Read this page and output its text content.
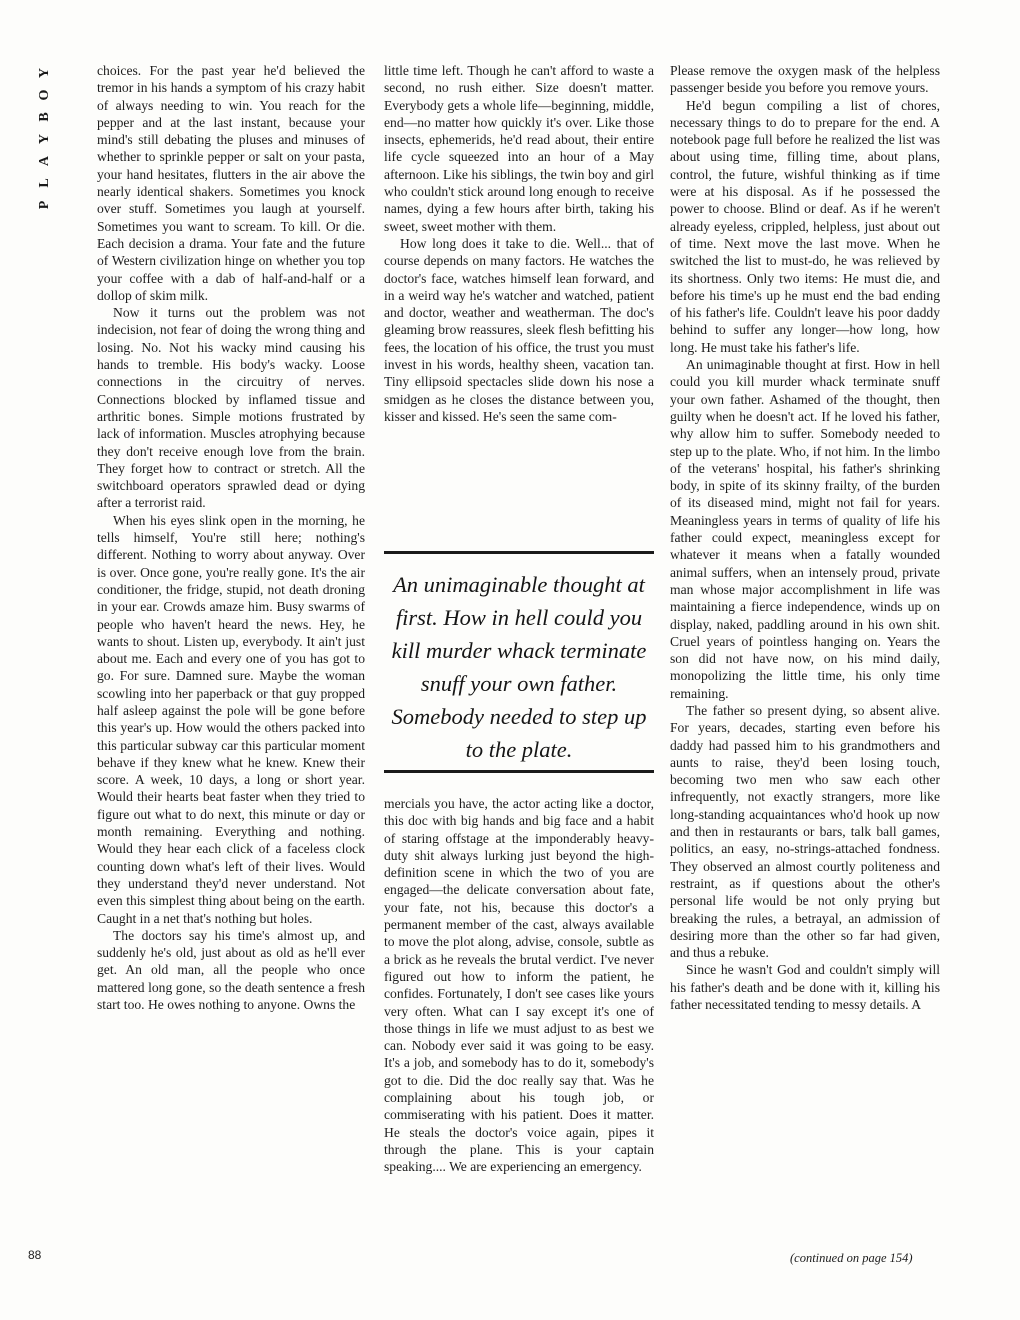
Y
O
B
Y
A
L
P

choices. For the past year he'd believed the tremor in his hands a symptom of his crazy habit of always needing to win. You reach for the pepper and at the last instant, because your mind's still debating the pluses and minuses of whether to sprinkle pepper or salt on your pasta, your hand hesitates, flutters in the air above the nearly identical shakers. Sometimes you knock over stuff. Sometimes you laugh at yourself. Sometimes you want to scream. To kill. Or die. Each decision a drama. Your fate and the future of Western civilization hinge on whether you top your coffee with a dab of half-and-half or a dollop of skim milk.

Now it turns out the problem was not indecision, not fear of doing the wrong thing and losing. No. Not his wacky mind causing his hands to tremble. His body's wacky. Loose connections in the circuitry of nerves. Connections blocked by inflamed tissue and arthritic bones. Simple motions frustrated by lack of information. Muscles atrophying because they don't receive enough love from the brain. They forget how to contract or stretch. All the switchboard operators sprawled dead or dying after a terrorist raid.

When his eyes slink open in the morning, he tells himself, You're still here; nothing's different. Nothing to worry about anyway. Over is over. Once gone, you're really gone. It's the air conditioner, the fridge, stupid, not death droning in your ear. Crowds amaze him. Busy swarms of people who haven't heard the news. Hey, he wants to shout. Listen up, everybody. It ain't just about me. Each and every one of you has got to go. For sure. Damned sure. Maybe the woman scowling into her paperback or that guy propped half asleep against the pole will be gone before this year's up. How would the others packed into this particular subway car this particular moment behave if they knew what he knew. Knew their score. A week, 10 days, a long or short year. Would their hearts beat faster when they tried to figure out what to do next, this minute or day or month remaining. Everything and nothing. Would they hear each click of a faceless clock counting down what's left of their lives. Would they understand they'd never understand. Not even this simplest thing about being on the earth. Caught in a net that's nothing but holes.

The doctors say his time's almost up, and suddenly he's old, just about as old as he'll ever get. An old man, all the people who once mattered long gone, so the death sentence a fresh start too. He owes nothing to anyone. Owns the

little time left. Though he can't afford to waste a second, no rush either. Size doesn't matter. Everybody gets a whole life—beginning, middle, end—no matter how quickly it's over. Like those insects, ephemerids, he'd read about, their entire life cycle squeezed into an hour of a May afternoon. Like his siblings, the twin boy and girl who couldn't stick around long enough to receive names, dying a few hours after birth, taking his sweet, sweet mother with them.

How long does it take to die. Well... that of course depends on many factors. He watches the doctor's face, watches himself lean forward, and in a weird way he's watcher and watched, patient and doctor, weather and weatherman. The doc's gleaming brow reassures, sleek flesh befitting his fees, the location of his office, the trust you must invest in his words, healthy sheen, vacation tan. Tiny ellipsoid spectacles slide down his nose a smidgen as he closes the distance between you, kisser and kissed. He's seen the same com-

An unimaginable thought at first. How in hell could you kill murder whack terminate snuff your own father. Somebody needed to step up to the plate.

mercials you have, the actor acting like a doctor, this doc with big hands and big face and a habit of staring offstage at the imponderably heavy-duty shit always lurking just beyond the high-definition scene in which the two of you are engaged—the delicate conversation about fate, your fate, not his, because this doctor's a permanent member of the cast, always available to move the plot along, advise, console, subtle as a brick as he reveals the brutal verdict. I've never figured out how to inform the patient, he confides. Fortunately, I don't see cases like yours very often. What can I say except it's one of those things in life we must adjust to as best we can. Nobody ever said it was going to be easy. It's a job, and somebody has to do it, somebody's got to die. Did the doc really say that. Was he complaining about his tough job, or commiserating with his patient. Does it matter. He steals the doctor's voice again, pipes it through the plane. This is your captain speaking.... We are experiencing an emergency.

Please remove the oxygen mask of the helpless passenger beside you before you remove yours.

He'd begun compiling a list of chores, necessary things to do to prepare for the end. A notebook page full before he realized the list was about using time, filling time, about plans, control, the future, wishful thinking as if time were at his disposal. As if he possessed the power to choose. Blind or deaf. As if he weren't already eyeless, crippled, helpless, just about out of time. Next move the last move. When he switched the list to must-do, he was relieved by its shortness. Only two items: He must die, and before his time's up he must end the bad ending of his father's life. Couldn't leave his poor daddy behind to suffer any longer—how long, how long. He must take his father's life.

An unimaginable thought at first. How in hell could you kill murder whack terminate snuff your own father. Ashamed of the thought, then guilty when he doesn't act. If he loved his father, why allow him to suffer. Somebody needed to step up to the plate. Who, if not him. In the limbo of the veterans' hospital, his father's shrinking body, in spite of its skinny frailty, of the burden of its diseased mind, might not fail for years. Meaningless years in terms of quality of life his father could expect, meaningless except for whatever it means when a fatally wounded animal suffers, when an intensely proud, private man whose major accomplishment in life was maintaining a fierce independence, winds up on display, naked, paddling around in his own shit. Cruel years of pointless hanging on. Years the son did not have now, on his mind daily, monopolizing the little time, his only time remaining.

The father so present dying, so absent alive. For years, decades, starting even before his daddy had passed him to his grandmothers and aunts to raise, they'd been losing touch, becoming two men who saw each other infrequently, not exactly strangers, more like long-standing acquaintances who'd hook up now and then in restaurants or bars, talk ball games, politics, an easy, no-strings-attached fondness. They observed an almost courtly politeness and restraint, as if questions about the other's personal life would be not only prying but breaking the rules, a betrayal, an admission of desiring more than the other so far had given, and thus a rebuke.

Since he wasn't God and couldn't simply will his father's death and be done with it, killing his father necessitated tending to messy details. A

(continued on page 154)
88
